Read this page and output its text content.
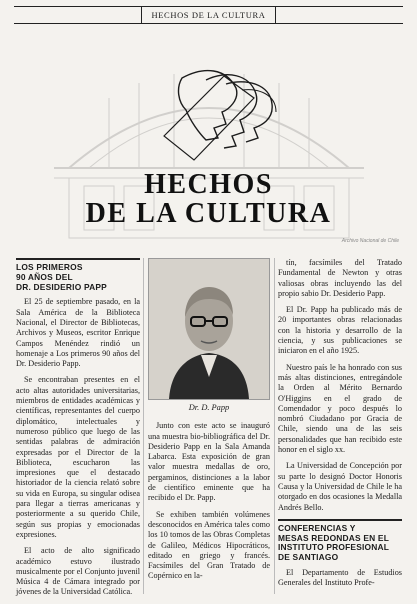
HECHOS DE LA CULTURA
Archivo Nacional de Chile
HECHOS
DE LA CULTURA
LOS PRIMEROS
90 AÑOS DEL
DR. DESIDERIO PAPP

El 25 de septiembre pasado, en la Sala América de la Biblioteca Nacional, el Director de Bibliotecas, Archivos y Museos, escritor Enrique Campos Menéndez rindió un homenaje a Los primeros 90 años del Dr. Desiderio Papp.

Se encontraban presentes en el acto altas autoridades universitarias, miembros de entidades académicas y científicas, representantes del cuerpo diplomático, intelectuales y numeroso público que luego de las sentidas palabras de admiración expresadas por el Director de la Biblioteca, escucharon las impresiones que el destacado historiador de la ciencia relató sobre su vida en Europa, su singular odisea para llegar a tierras americanas y posteriormente a su querido Chile, según sus propias y emocionadas expresiones.

El acto de alto significado académico estuvo ilustrado musicalmente por el Conjunto juvenil Música 4 de Cámara integrado por jóvenes de la Universidad Católica.

Dr. D. Papp

Junto con este acto se inauguró una muestra bio-bibliográfica del Dr. Desiderio Papp en la Sala Amanda Labarca. Esta exposición de gran valor muestra medallas de oro, pergaminos, distinciones a la labor de científico eminente que ha recibido el Dr. Papp.

Se exhiben también volúmenes desconocidos en América tales como los 10 tomos de las Obras Completas de Galileo, Médicos Hipocráticos, editado en griego y francés. Facsímiles del Gran Tratado de Copérnico en la-

tín, facsímiles del Tratado Fundamental de Newton y otras valiosas obras incluyendo las del propio sabio Dr. Desiderio Papp.

El Dr. Papp ha publicado más de 20 importantes obras relacionadas con la historia y desarrollo de la ciencia, y sus publicaciones se iniciaron en el año 1925.

Nuestro país le ha honrado con sus más altas distinciones, entregándole la Orden al Mérito Bernardo O'Higgins en el grado de Comendador y poco después lo nombró Ciudadano por Gracia de Chile, siendo una de las seis personalidades que han recibido este honor en el siglo xx.

La Universidad de Concepción por su parte lo designó Doctor Honoris Causa y la Universidad de Chile le ha otorgado en dos ocasiones la Medalla Andrés Bello.

CONFERENCIAS Y
MESAS REDONDAS EN EL
INSTITUTO PROFESIONAL
DE SANTIAGO

El Departamento de Estudios Generales del Instituto Profe-
